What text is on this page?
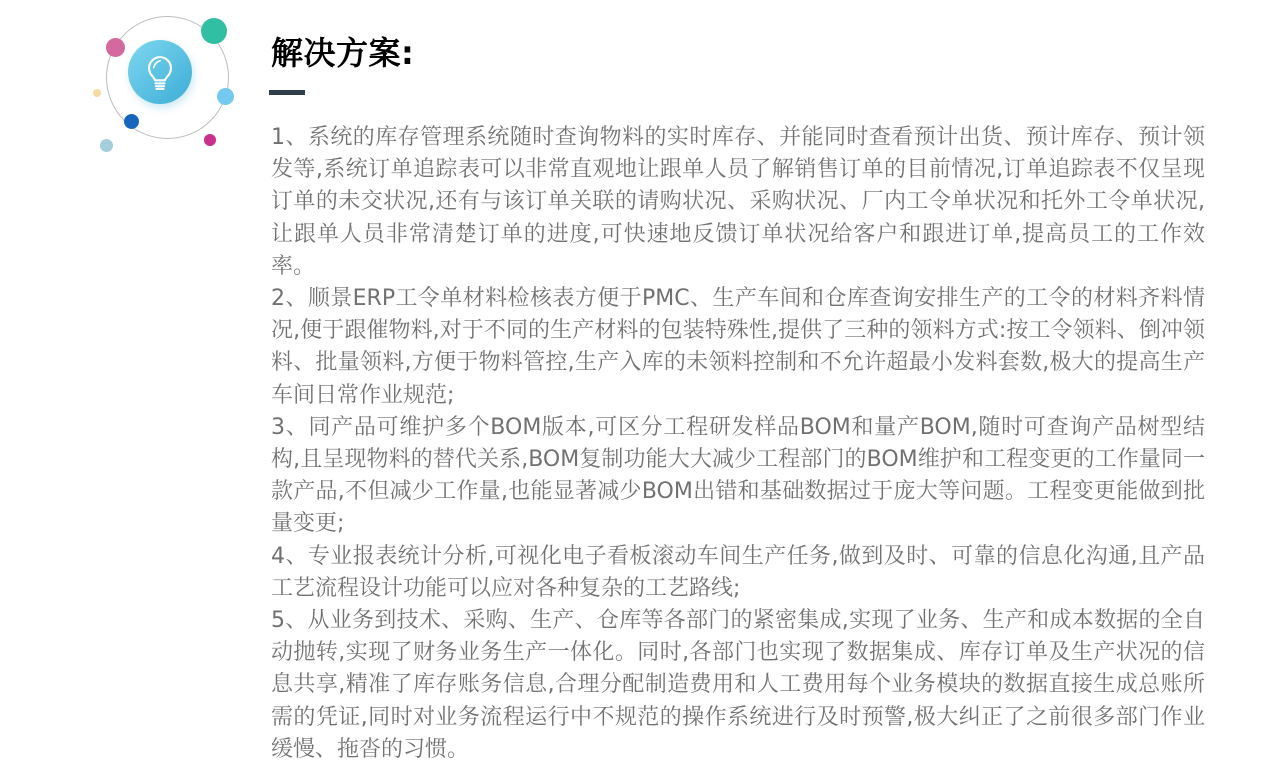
解决方案:

1、系统的库存管理系统随时查询物料的实时库存、并能同时查看预计出货、预计库存、预计领发等,系统订单追踪表可以非常直观地让跟单人员了解销售订单的目前情况,订单追踪表不仅呈现订单的未交状况,还有与该订单关联的请购状况、采购状况、厂内工令单状况和托外工令单状况,让跟单人员非常清楚订单的进度,可快速地反馈订单状况给客户和跟进订单,提高员工的工作效率。

2、顺景ERP工令单材料检核表方便于PMC、生产车间和仓库查询安排生产的工令的材料齐料情况,便于跟催物料,对于不同的生产材料的包装特殊性,提供了三种的领料方式:按工令领料、倒冲领料、批量领料,方便于物料管控,生产入库的未领料控制和不允许超最小发料套数,极大的提高生产车间日常作业规范;

3、同产品可维护多个BOM版本,可区分工程研发样品BOM和量产BOM,随时可查询产品树型结构,且呈现物料的替代关系,BOM复制功能大大减少工程部门的BOM维护和工程变更的工作量同一款产品,不但减少工作量,也能显著减少BOM出错和基础数据过于庞大等问题。工程变更能做到批量变更;

4、专业报表统计分析,可视化电子看板滚动车间生产任务,做到及时、可靠的信息化沟通,且产品工艺流程设计功能可以应对各种复杂的工艺路线;

5、从业务到技术、采购、生产、仓库等各部门的紧密集成,实现了业务、生产和成本数据的全自动抛转,实现了财务业务生产一体化。同时,各部门也实现了数据集成、库存订单及生产状况的信息共享,精准了库存账务信息,合理分配制造费用和人工费用每个业务模块的数据直接生成总账所需的凭证,同时对业务流程运行中不规范的操作系统进行及时预警,极大纠正了之前很多部门作业缓慢、拖沓的习惯。
